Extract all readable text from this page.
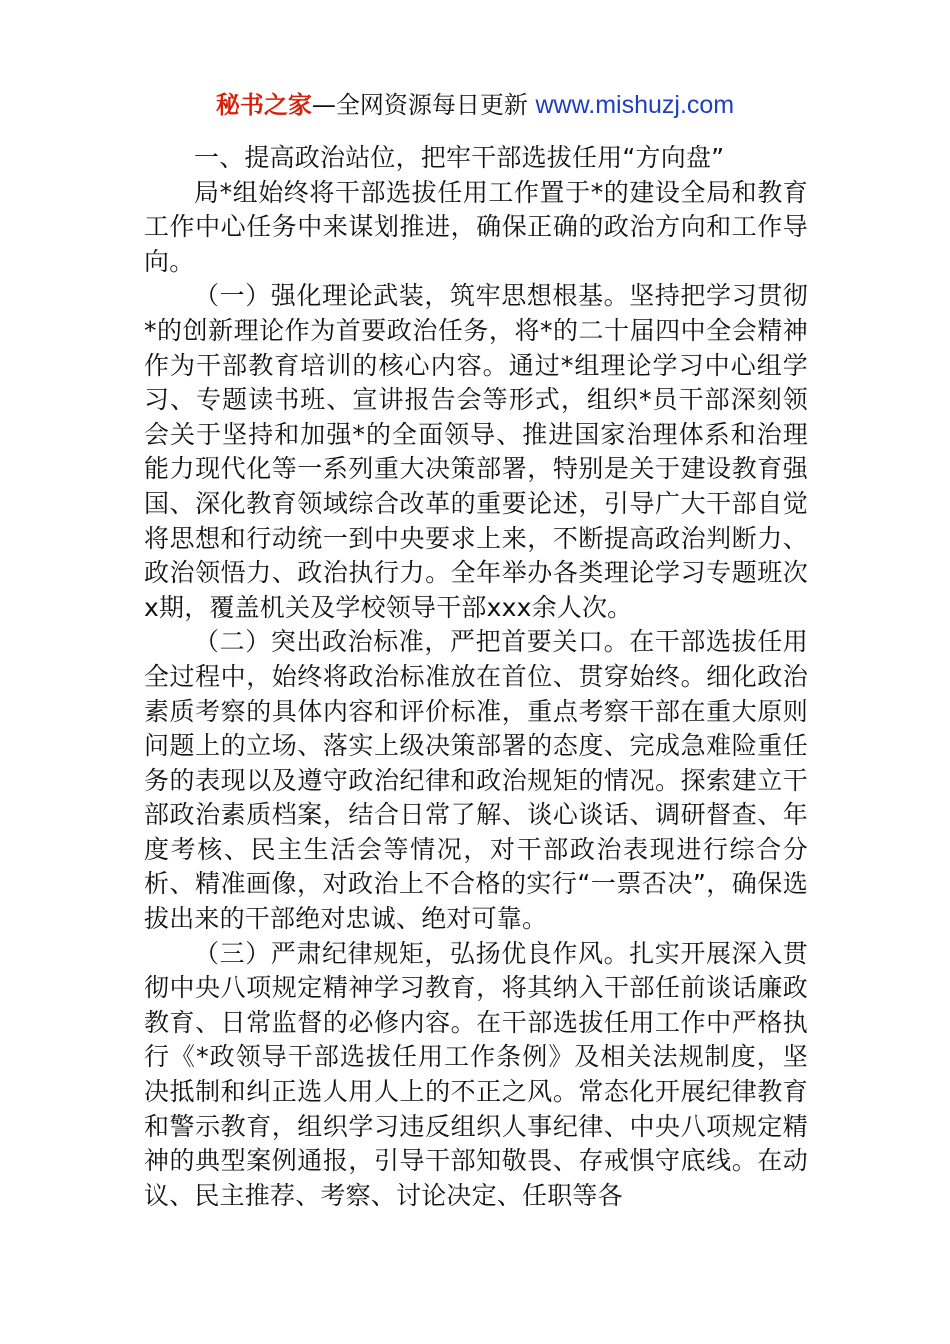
秘书之家—全网资源每日更新 www.mishuzj.com

一、提高政治站位，把牢干部选拔任用“方向盘”

局*组始终将干部选拔任用工作置于*的建设全局和教育工作中心任务中来谋划推进，确保正确的政治方向和工作导向。

（一）强化理论武装，筑牢思想根基。坚持把学习贯彻*的创新理论作为首要政治任务，将*的二十届四中全会精神作为干部教育培训的核心内容。通过*组理论学习中心组学习、专题读书班、宣讲报告会等形式，组织*员干部深刻领会关于坚持和加强*的全面领导、推进国家治理体系和治理能力现代化等一系列重大决策部署，特别是关于建设教育强国、深化教育领域综合改革的重要论述，引导广大干部自觉将思想和行动统一到中央要求上来，不断提高政治判断力、政治领悟力、政治执行力。全年举办各类理论学习专题班次x期，覆盖机关及学校领导干部xxx余人次。

（二）突出政治标准，严把首要关口。在干部选拔任用全过程中，始终将政治标准放在首位、贯穿始终。细化政治素质考察的具体内容和评价标准，重点考察干部在重大原则问题上的立场、落实上级决策部署的态度、完成急难险重任务的表现以及遵守政治纪律和政治规矩的情况。探索建立干部政治素质档案，结合日常了解、谈心谈话、调研督查、年度考核、民主生活会等情况，对干部政治表现进行综合分析、精准画像，对政治上不合格的实行“一票否决”，确保选拔出来的干部绝对忠诚、绝对可靠。

（三）严肃纪律规矩，弘扬优良作风。扎实开展深入贯彻中央八项规定精神学习教育，将其纳入干部任前谈话廉政教育、日常监督的必修内容。在干部选拔任用工作中严格执行《*政领导干部选拔任用工作条例》及相关法规制度，坚决抵制和纠正选人用人上的不正之风。常态化开展纪律教育和警示教育，组织学习违反组织人事纪律、中央八项规定精神的典型案例通报，引导干部知敬畏、存戒惧守底线。在动议、民主推荐、考察、讨论决定、任职等各
